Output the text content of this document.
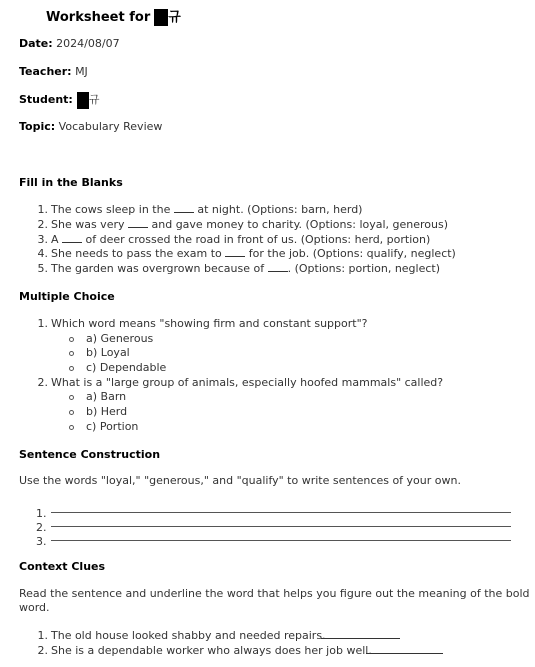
Worksheet for 규
Date: 2024/08/07
Teacher: MJ
Student: 규
Topic: Vocabulary Review
Fill in the Blanks
1. The cows sleep in the at night. (Options: barn, herd)
2. She was very and gave money to charity. (Options: loyal, generous)
3. A of deer crossed the road in front of us. (Options: herd, portion)
4. She needs to pass the exam to for the job. (Options: qualify, neglect)
5. The garden was overgrown because of . (Options: portion, neglect)
Multiple Choice
1. Which word means "showing firm and constant support"?
a) Generous
b) Loyal
c) Dependable
2. What is a "large group of animals, especially hoofed mammals" called?
a) Barn
b) Herd
c) Portion
Sentence Construction
Use the words "loyal," "generous," and "qualify" to write sentences of your own.
1.
2.
3.
Context Clues
Read the sentence and underline the word that helps you figure out the meaning of the bold
word.
1. The old house looked shabby and needed repairs.
2. She is a dependable worker who always does her job well.
